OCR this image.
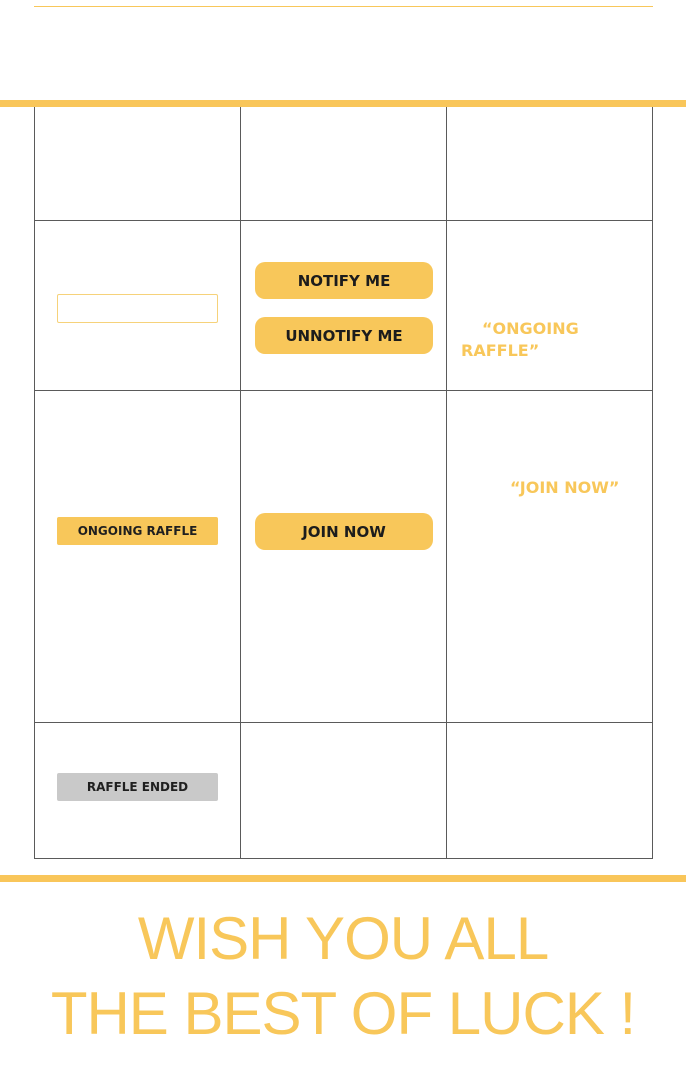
NOTIFY ME
UNNOTIFY ME	“ONGOING
RAFFLE”
ONGOING RAFFLE	JOIN NOW
“JOIN NOW”
RAFFLE ENDED
WISH YOU ALL
THE BEST OF LUCK !
